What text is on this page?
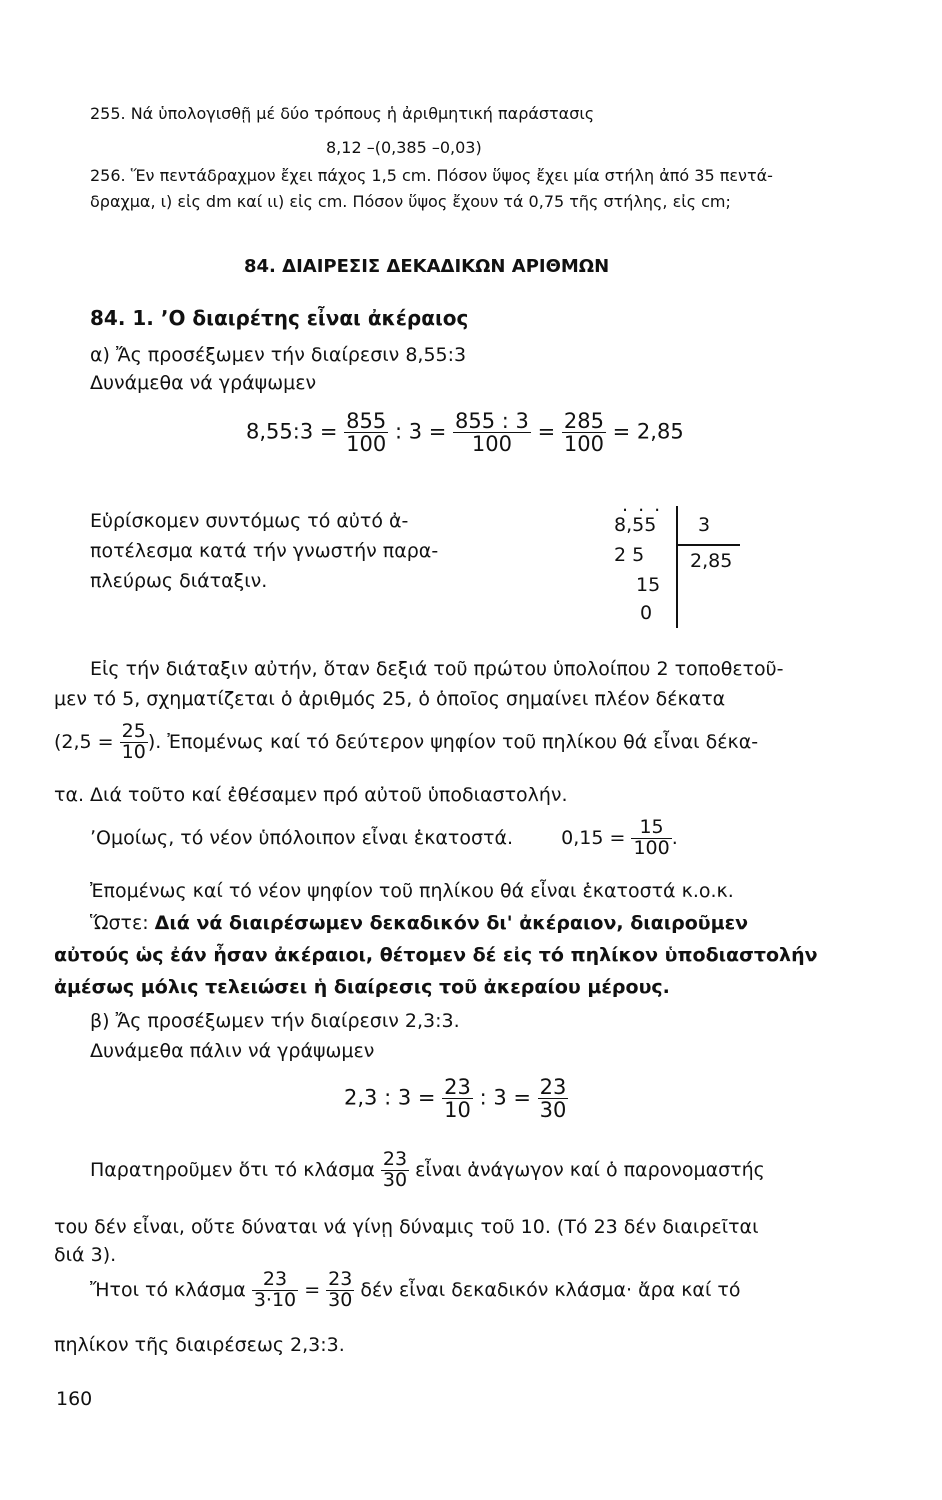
255. Νά ὑπολογισθῇ μέ δύο τρόπους ἡ ἀριθμητική παράστασις
8,12 –(0,385 –0,03)
256. Ἕν πεντάδραχμον ἔχει πάχος 1,5 cm. Πόσον ὕψος ἔχει μία στήλη ἀπό 35 πεντά-
δραχμα, ι) εἰς dm καί ιι) εἰς cm. Πόσον ὕψος ἔχουν τά 0,75 τῆς στήλης, εἰς cm;
84. ΔΙΑΙΡΕΣΙΣ ΔΕΚΑΔΙΚΩΝ ΑΡΙΘΜΩΝ
84. 1. ʼΟ διαιρέτης εἶναι ἀκέραιος
α) Ἄς προσέξωμεν τήν διαίρεσιν 8,55:3
Δυνάμεθα νά γράψωμεν
8,55:3 = $\frac{855}{100}$ : $3 = \frac{855 : 3}{100} = \frac{285}{100} = 2,85$
Εὑρίσκομεν συντόμως τό αὐτό ἀ-
ποτέλεσμα κατά τήν γνωστήν παρα-
πλεύρως διάταξιν.
. . .
8,55 3
2 5 2,85
15
0
Εἰς τήν διάταξιν αὐτήν, ὅταν δεξιά τοῦ πρώτου ὑπολοίπου 2 τοποθετοῦ-
μεν τό 5, σχηματίζεται ὁ ἀριθμός 25, ὁ ὁποῖος σημαίνει πλέον δέκατα
($2,5 = \frac{25}{10}$ ). Ἐπομένως καί τό δεύτερον ψηφίον τοῦ πηλίκου θά εἶναι δέκα-
τα. Διά τοῦτο καί ἐθέσαμεν πρό αὐτοῦ ὑποδιαστολήν.
ʼΟμοίως, τό νέον ὑπόλοιπον εἶναι ἑκατοστά.	$0,15 = \frac{15}{100}$ .
Ἐπομένως καί τό νέον ψηφίον τοῦ πηλίκου θά εἶναι ἑκατοστά κ.ο.κ.
Ὥστε: Διά νά διαιρέσωμεν δεκαδικόν δι' ἀκέραιον, διαιροῦμεν
αὐτούς ὡς ἐάν ἦσαν ἀκέραιοι, θέτομεν δέ εἰς τό πηλίκον ὑποδιαστολήν
ἀμέσως μόλις τελειώσει ἡ διαίρεσις τοῦ ἀκεραίου μέρους.
β) Ἄς προσέξωμεν τήν διαίρεσιν 2,3:3.
Δυνάμεθα πάλιν νά γράψωμεν
2,3 : $3 = \frac{23}{10}$ : $3 = \frac{23}{30}$
Παρατηροῦμεν ὅτι τό κλάσμα $\frac{23}{30}$ εἶναι ἀνάγωγον καί ὁ παρονομαστής
του δέν εἶναι, οὔτε δύναται νά γίνῃ δύναμις τοῦ 10. (Τό 23 δέν διαιρεῖται
διά 3).
Ἤτοι τό κλάσμα $\frac{23}{3\cdot 10} = \frac{23}{30}$ δέν εἶναι δεκαδικόν κλάσμα· ἄρα καί τό
πηλίκον τῆς διαιρέσεως 2,3:3.
160
